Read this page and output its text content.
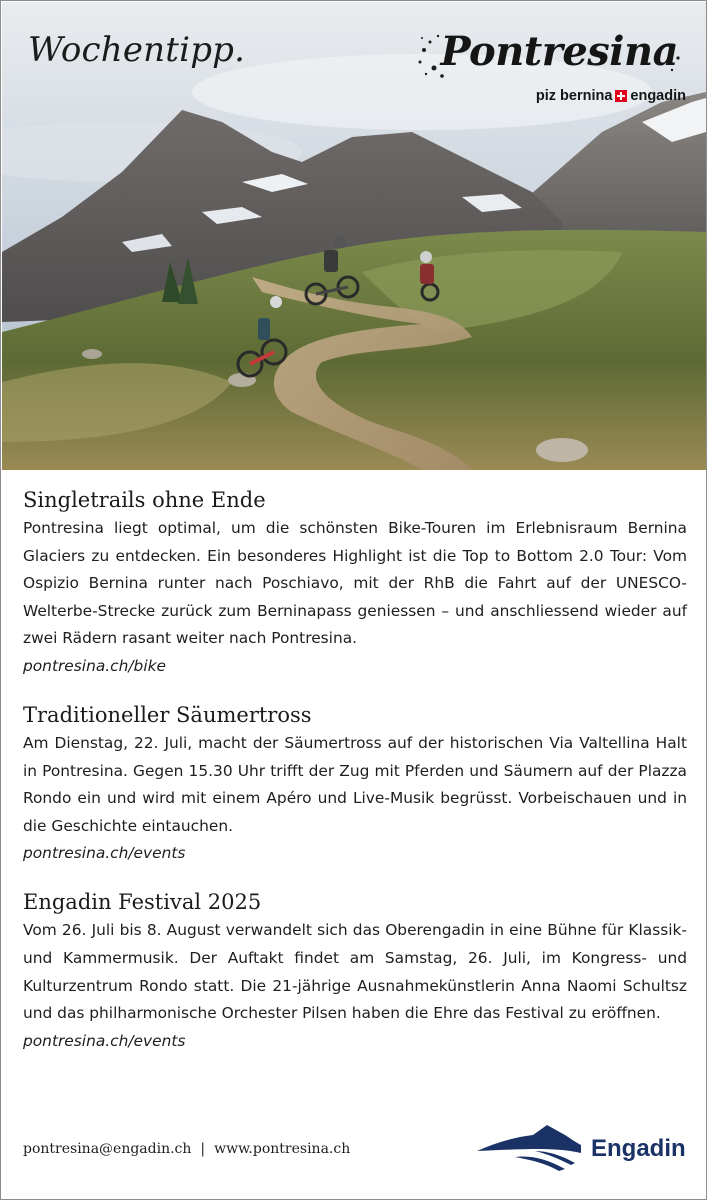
Wochentipp.	Pontresina
piz bernina engadin
Singletrails ohne Ende

Pontresina liegt optimal, um die schönsten Bike-Touren im Erlebnisraum Bernina Glaciers zu entdecken. Ein besonderes Highlight ist die Top to Bottom 2.0 Tour: Vom Ospizio Bernina runter nach Poschiavo, mit der RhB die Fahrt auf der UNESCO-Welterbe-Strecke zurück zum Berninapass geniessen – und anschliessend wieder auf zwei Rädern rasant weiter nach Pontresina.

pontresina.ch/bike
Traditioneller Säumertross

Am Dienstag, 22. Juli, macht der Säumertross auf der historischen Via Valtellina Halt in Pontresina. Gegen 15.30 Uhr trifft der Zug mit Pferden und Säumern auf der Plazza Rondo ein und wird mit einem Apéro und Live-Musik begrüsst. Vorbeischauen und in die Geschichte eintauchen.

pontresina.ch/events
Engadin Festival 2025

Vom 26. Juli bis 8. August verwandelt sich das Oberengadin in eine Bühne für Klassik- und Kammermusik. Der Auftakt findet am Samstag, 26. Juli, im Kongress- und Kulturzentrum Rondo statt. Die 21-jährige Ausnahmekünstlerin Anna Naomi Schultsz und das philharmonische Orchester Pilsen haben die Ehre das Festival zu eröffnen.

pontresina.ch/events
pontresina@engadin.ch | www.pontresina.ch	Engadin
